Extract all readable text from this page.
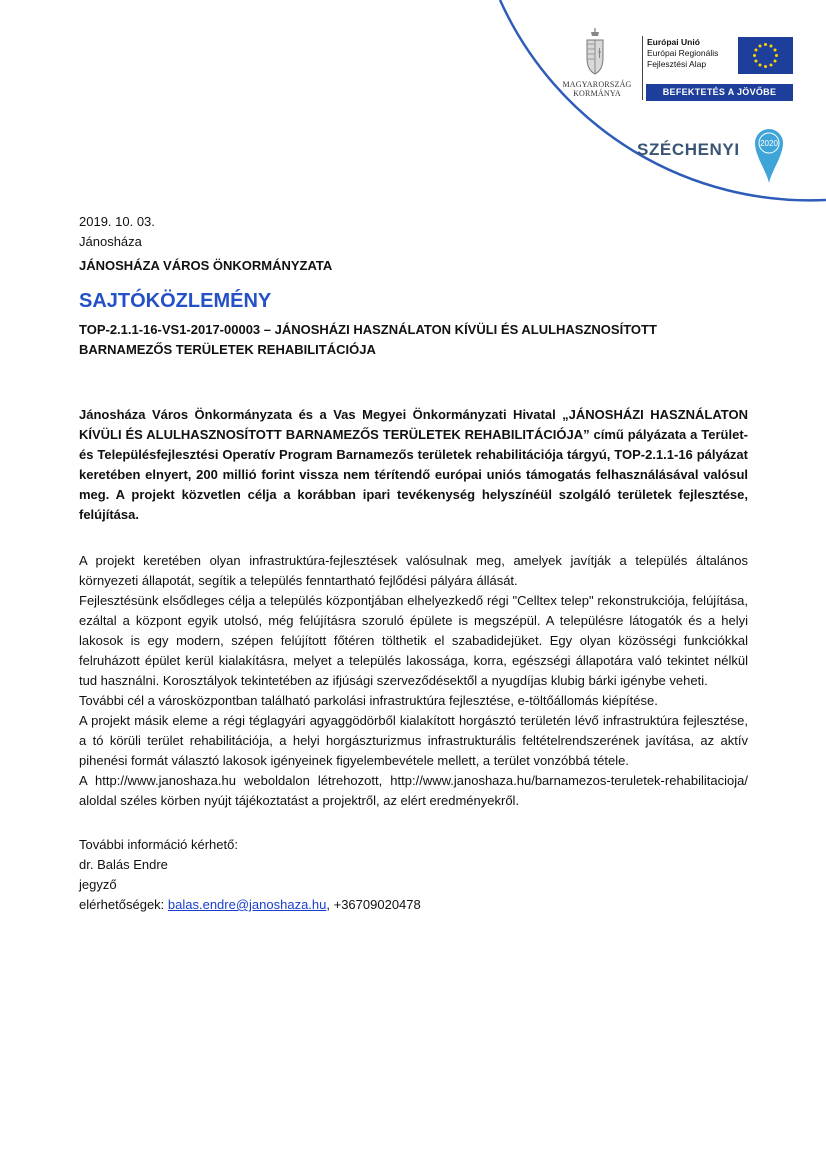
MAGYARORSZÁG
KORMÁNYA
Európai Unió
Európai Regionális
Fejlesztési Alap
BEFEKTETÉS A JÖVŐBE
SZÉCHENYI	2020

2019. 10. 03.

Jánosháza

JÁNOSHÁZA VÁROS ÖNKORMÁNYZATA

SAJTÓKÖZLEMÉNY

TOP-2.1.1-16-VS1-2017-00003 – JÁNOSHÁZI HASZNÁLATON KÍVÜLI ÉS ALULHASZNOSÍTOTT BARNAMEZŐS TERÜLETEK REHABILITÁCIÓJA

Jánosháza Város Önkormányzata és a Vas Megyei Önkormányzati Hivatal „JÁNOSHÁZI HASZNÁLATON KÍVÜLI ÉS ALULHASZNOSÍTOTT BARNAMEZŐS TERÜLETEK REHABILITÁCIÓJA” című pályázata a Terület- és Településfejlesztési Operatív Program Barnamezős területek rehabilitációja tárgyú, TOP-2.1.1-16 pályázat keretében elnyert, 200 millió forint vissza nem térítendő európai uniós támogatás felhasználásával valósul meg. A projekt közvetlen célja a korábban ipari tevékenység helyszínéül szolgáló területek fejlesztése, felújítása.

A projekt keretében olyan infrastruktúra-fejlesztések valósulnak meg, amelyek javítják a település általános környezeti állapotát, segítik a település fenntartható fejlődési pályára állását.

Fejlesztésünk elsődleges célja a település központjában elhelyezkedő régi "Celltex telep" rekonstrukciója, felújítása, ezáltal a központ egyik utolsó, még felújításra szoruló épülete is megszépül. A településre látogatók és a helyi lakosok is egy modern, szépen felújított főtéren tölthetik el szabadidejüket. Egy olyan közösségi funkciókkal felruházott épület kerül kialakításra, melyet a település lakossága, korra, egészségi állapotára való tekintet nélkül tud használni. Korosztályok tekintetében az ifjúsági szerveződésektől a nyugdíjas klubig bárki igénybe veheti.

További cél a városközpontban található parkolási infrastruktúra fejlesztése, e-töltőállomás kiépítése.

A projekt másik eleme a régi téglagyári agyaggödörből kialakított horgásztó területén lévő infrastruktúra fejlesztése, a tó körüli terület rehabilitációja, a helyi horgászturizmus infrastrukturális feltételrendszerének javítása, az aktív pihenési formát választó lakosok igényeinek figyelembevétele mellett, a terület vonzóbbá tétele.

A http://www.janoshaza.hu weboldalon létrehozott, http://www.janoshaza.hu/barnamezos-teruletek-rehabilitacioja/ aloldal széles körben nyújt tájékoztatást a projektről, az elért eredményekről.

További információ kérhető:

dr. Balás Endre

jegyző

elérhetőségek: balas.endre@janoshaza.hu, +36709020478
